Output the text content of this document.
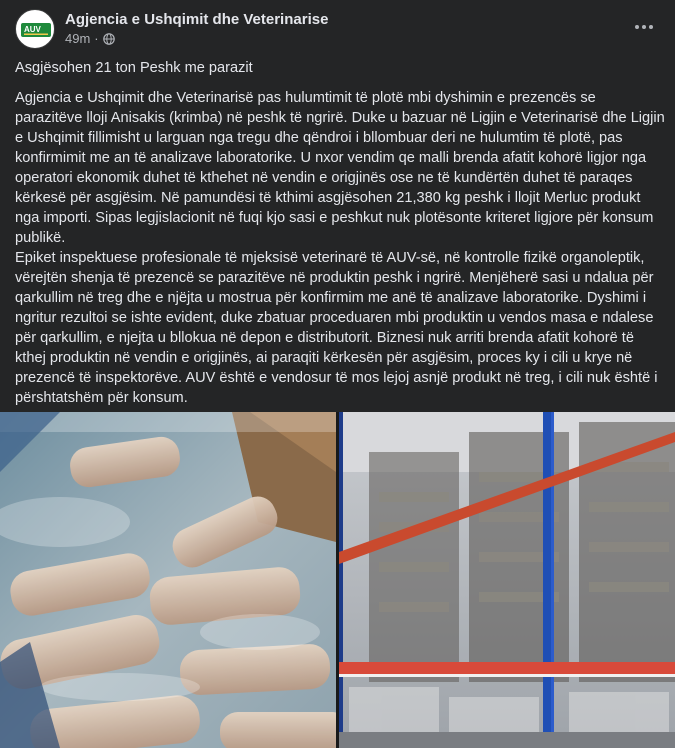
AUV
Agjencia e Ushqimit dhe Veterinarise
49m ·

Asgjësohen 21 ton Peshk me parazit

Agjencia e Ushqimit dhe Veterinarisë pas hulumtimit të plotë mbi dyshimin e prezencës se parazitëve lloji Anisakis (krimba) në peshk të ngrirë. Duke u bazuar në Ligjin e Veterinarisë dhe Ligjin e Ushqimit fillimisht u larguan nga tregu dhe qëndroi i bllombuar deri ne hulumtim të plotë, pas konfirmimit me an të analizave laboratorike. U nxor vendim qe malli brenda afatit kohorë ligjor nga operatori ekonomik duhet të kthehet në vendin e origjinës ose ne të kundërtën duhet të paraqes kërkesë për asgjësim. Në pamundësi të kthimi asgjësohen 21,380 kg peshk i llojit Merluc produkt nga importi. Sipas legjislacionit në fuqi kjo sasi e peshkut nuk plotësonte kriteret ligjore për konsum publikë.

Epiket inspektuese profesionale të mjeksisë veterinarë të AUV-së, në kontrolle fizikë organoleptik, vërejtën shenja të prezencë se parazitëve në produktin peshk i ngrirë. Menjëherë sasi u ndalua për qarkullim në treg dhe e njëjta u mostrua për konfirmim me anë të analizave laboratorike. Dyshimi i ngritur rezultoi se ishte evident, duke zbatuar proceduaren mbi produktin u vendos masa e ndalese për qarkullim, e njejta u bllokua në depon e distributorit. Biznesi nuk arriti brenda afatit kohorë të kthej produktin në vendin e origjinës, ai paraqiti kërkesën për asgjësim, proces ky i cili u krye në prezencë të inspektorëve. AUV është e vendosur të mos lejoj asnjë produkt në treg, i cili nuk është i përshtatshëm për konsum.
